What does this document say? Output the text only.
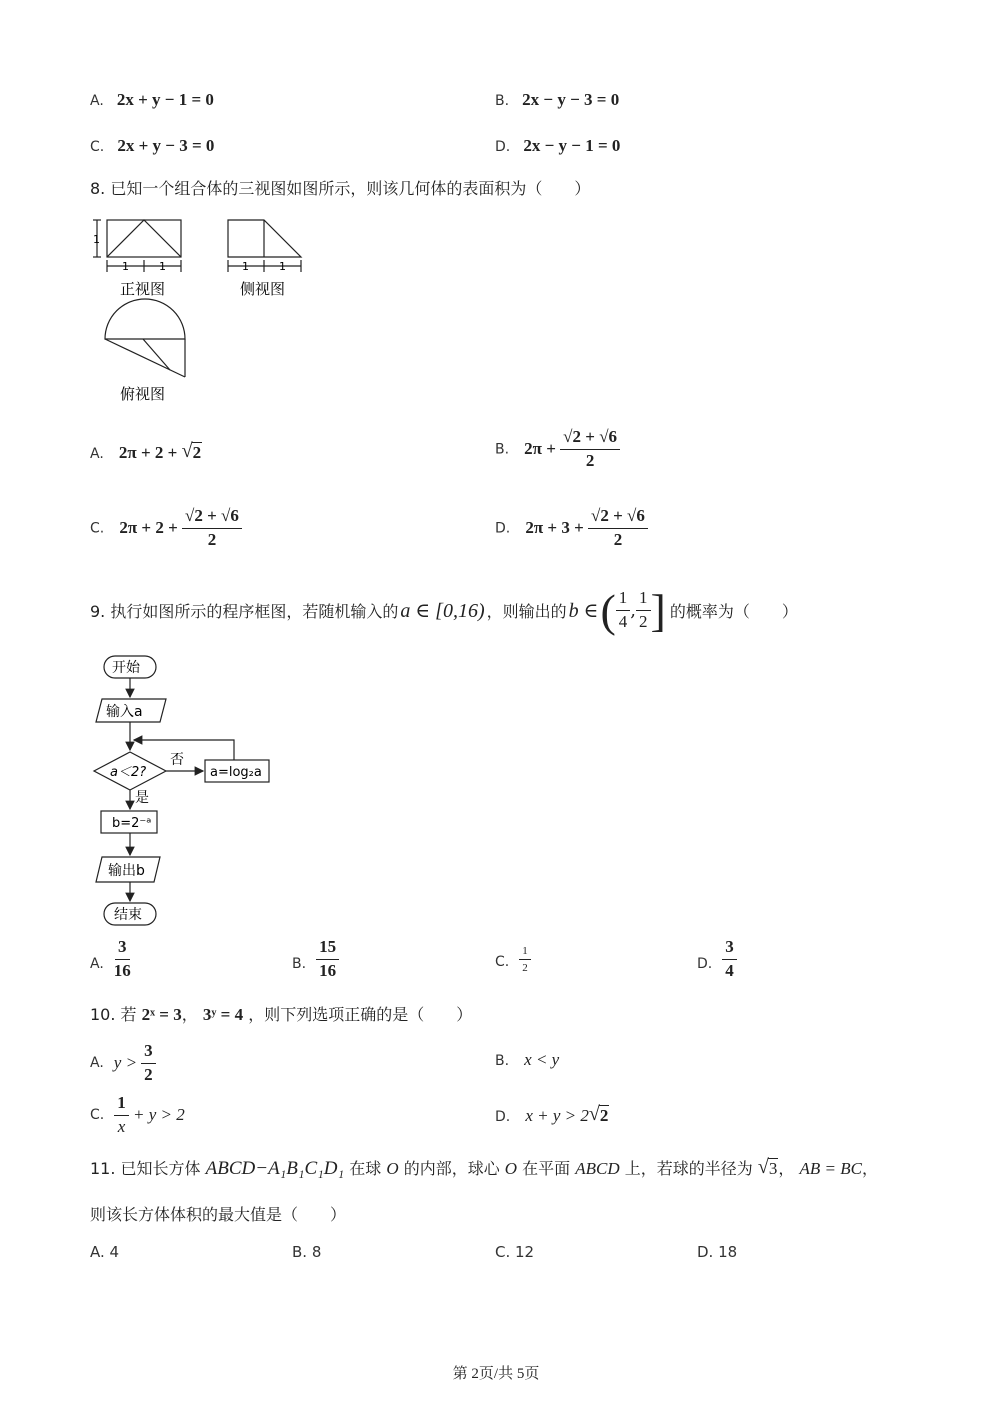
A. 2x + y − 1 = 0	B. 2x − y − 3 = 0
C. 2x + y − 3 = 0	D. 2x − y − 1 = 0
8. 已知一个组合体的三视图如图所示，则该几何体的表面积为（　　）
1
1	1
正视图
1	1
侧视图
俯视图
A. 2π + 2 + √ 2	B. $2\pi + \frac{√2 + √6}{2}$
C. $2\pi + 2 + \frac{√2 + √6}{2}$	D. $2\pi + 3 + \frac{√2 + √6}{2}$
9. 执行如图所示的程序框图，若随机输入的 a ∈ [0,16) ，则输出的 b ∈ ( $\frac{1}{4}$ , $\frac{1}{2}$ ] 的概率为（　　）
开始
输入a
a＜2?
否
a=log₂a
是
b=2⁻ᵃ
输出b
结束
A. $\frac{3}{16}$	B. $\frac{15}{16}$	C. $\frac{1}{2}$	D. $\frac{3}{4}$
10. 若 2ˣ = 3， 3ʸ = 4 ，则下列选项正确的是（　　）
A. $y > \frac{3}{2}$	B. x < y
C. $\frac{1}{x} + y > 2$	D. x + y > 2 √ 2
11. 已知长方体 ABCD−A₁B₁C₁D₁ 在球 O 的内部，球心 O 在平面 ABCD 上，若球的半径为 √ 3， AB = BC，
则该长方体体积的最大值是（　　）
A. 4	B. 8	C. 12	D. 18
第 2页/共 5页
